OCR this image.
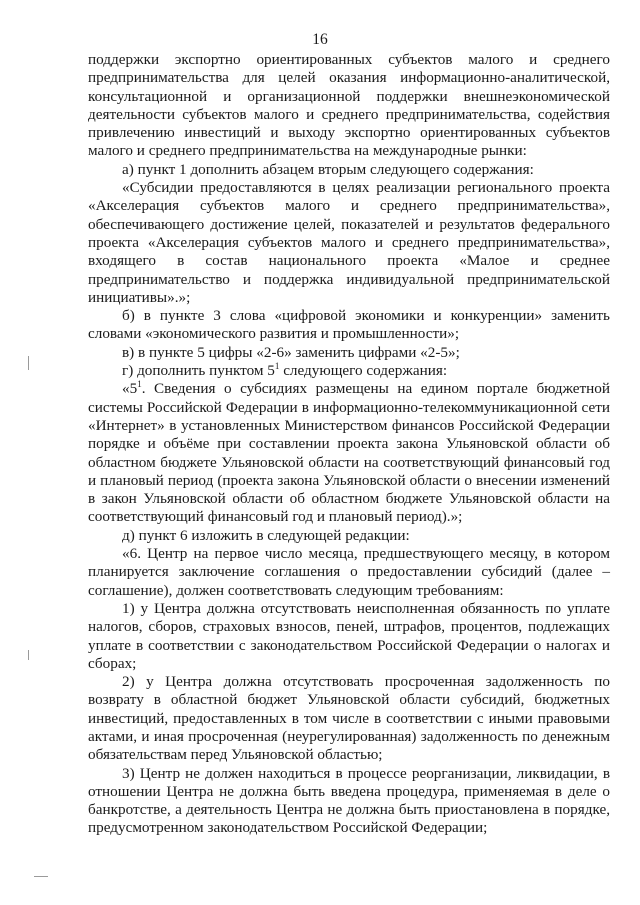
16

поддержки экспортно ориентированных субъектов малого и среднего предпринимательства для целей оказания информационно-аналитической, консультационной и организационной поддержки внешнеэкономической деятельности субъектов малого и среднего предпринимательства, содействия привлечению инвестиций и выходу экспортно ориентированных субъектов малого и среднего предпринимательства на международные рынки:

а) пункт 1 дополнить абзацем вторым следующего содержания:

«Субсидии предоставляются в целях реализации регионального проекта «Акселерация субъектов малого и среднего предпринимательства», обеспечивающего достижение целей, показателей и результатов федерального проекта «Акселерация субъектов малого и среднего предпринимательства», входящего в состав национального проекта «Малое и среднее предпринимательство и поддержка индивидуальной предпринимательской инициативы».»;

б) в пункте 3 слова «цифровой экономики и конкуренции» заменить словами «экономического развития и промышленности»;

в) в пункте 5 цифры «2-6» заменить цифрами «2-5»;

г) дополнить пунктом $5^1$ следующего содержания:

«$5^1$. Сведения о субсидиях размещены на едином портале бюджетной системы Российской Федерации в информационно-телекоммуникационной сети «Интернет» в установленных Министерством финансов Российской Федерации порядке и объёме при составлении проекта закона Ульяновской области об областном бюджете Ульяновской области на соответствующий финансовый год и плановый период (проекта закона Ульяновской области о внесении изменений в закон Ульяновской области об областном бюджете Ульяновской области на соответствующий финансовый год и плановый период).»;

д) пункт 6 изложить в следующей редакции:

«6. Центр на первое число месяца, предшествующего месяцу, в котором планируется заключение соглашения о предоставлении субсидий (далее – соглашение), должен соответствовать следующим требованиям:

1) у Центра должна отсутствовать неисполненная обязанность по уплате налогов, сборов, страховых взносов, пеней, штрафов, процентов, подлежащих уплате в соответствии с законодательством Российской Федерации о налогах и сборах;

2) у Центра должна отсутствовать просроченная задолженность по возврату в областной бюджет Ульяновской области субсидий, бюджетных инвестиций, предоставленных в том числе в соответствии с иными правовыми актами, и иная просроченная (неурегулированная) задолженность по денежным обязательствам перед Ульяновской областью;

3) Центр не должен находиться в процессе реорганизации, ликвидации, в отношении Центра не должна быть введена процедура, применяемая в деле о банкротстве, а деятельность Центра не должна быть приостановлена в порядке, предусмотренном законодательством Российской Федерации;
